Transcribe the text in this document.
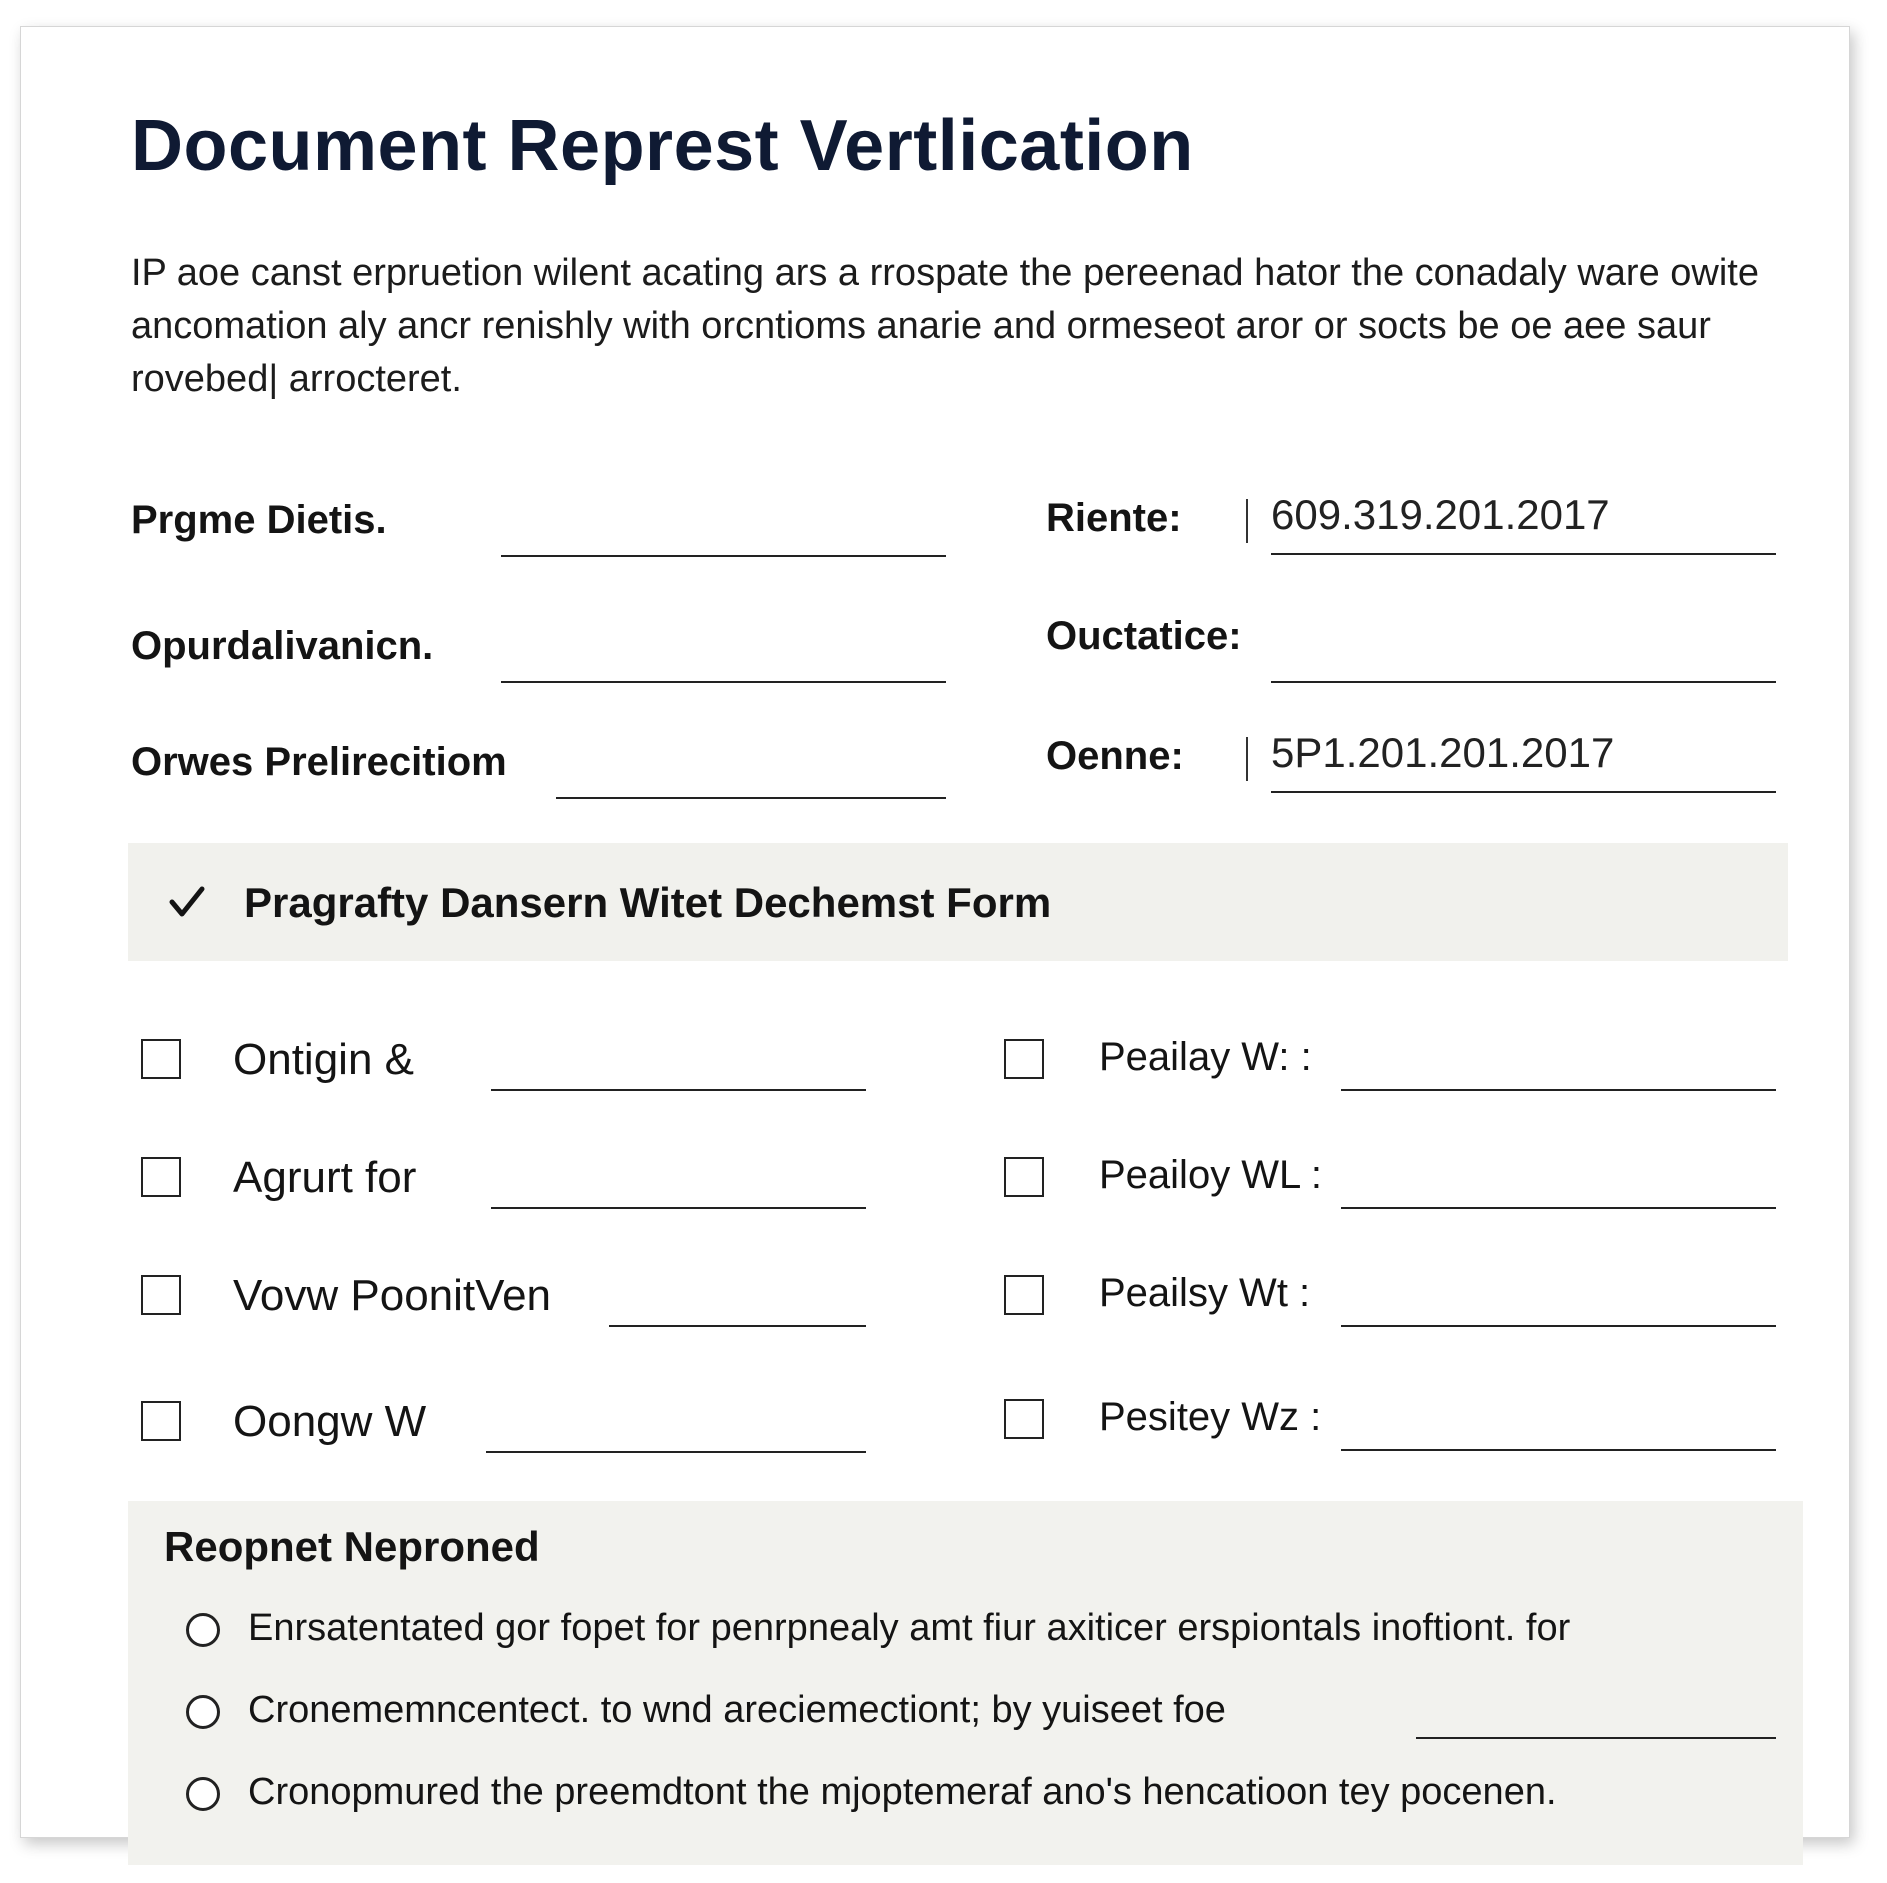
Document Represt Vertlication

IP aoe canst erpruetion wilent acating ars a rrospate the pereenad hator the conadaly ware owite ancomation aly ancr renishly with orcntioms anarie and ormeseot aror or socts be oe aee saur rovebed| arrocteret.

Prgme Dietis.
Opurdalivanicn.
Orwes Prelirecitiom
Riente: 609.319.201.2017
Ouctatice:
Oenne: 5P1.201.201.2017
Pragrafty Dansern Witet Dechemst Form
Ontigin &
Agrurt for
Vovw PoonitVen
Oongw W
Peailay W: :
Peailoy WL :
Peailsy Wt :
Pesitey Wz :
Reopnet Neproned
Enrsatentated gor fopet for penrpnealy amt fiur axiticer erspiontals inoftiont. for
Cronememncentect. to wnd areciemectiont; by yuiseet foe
Cronopmured the preemdtont the mjoptemeraf ano's hencatioon tey pocenen.
